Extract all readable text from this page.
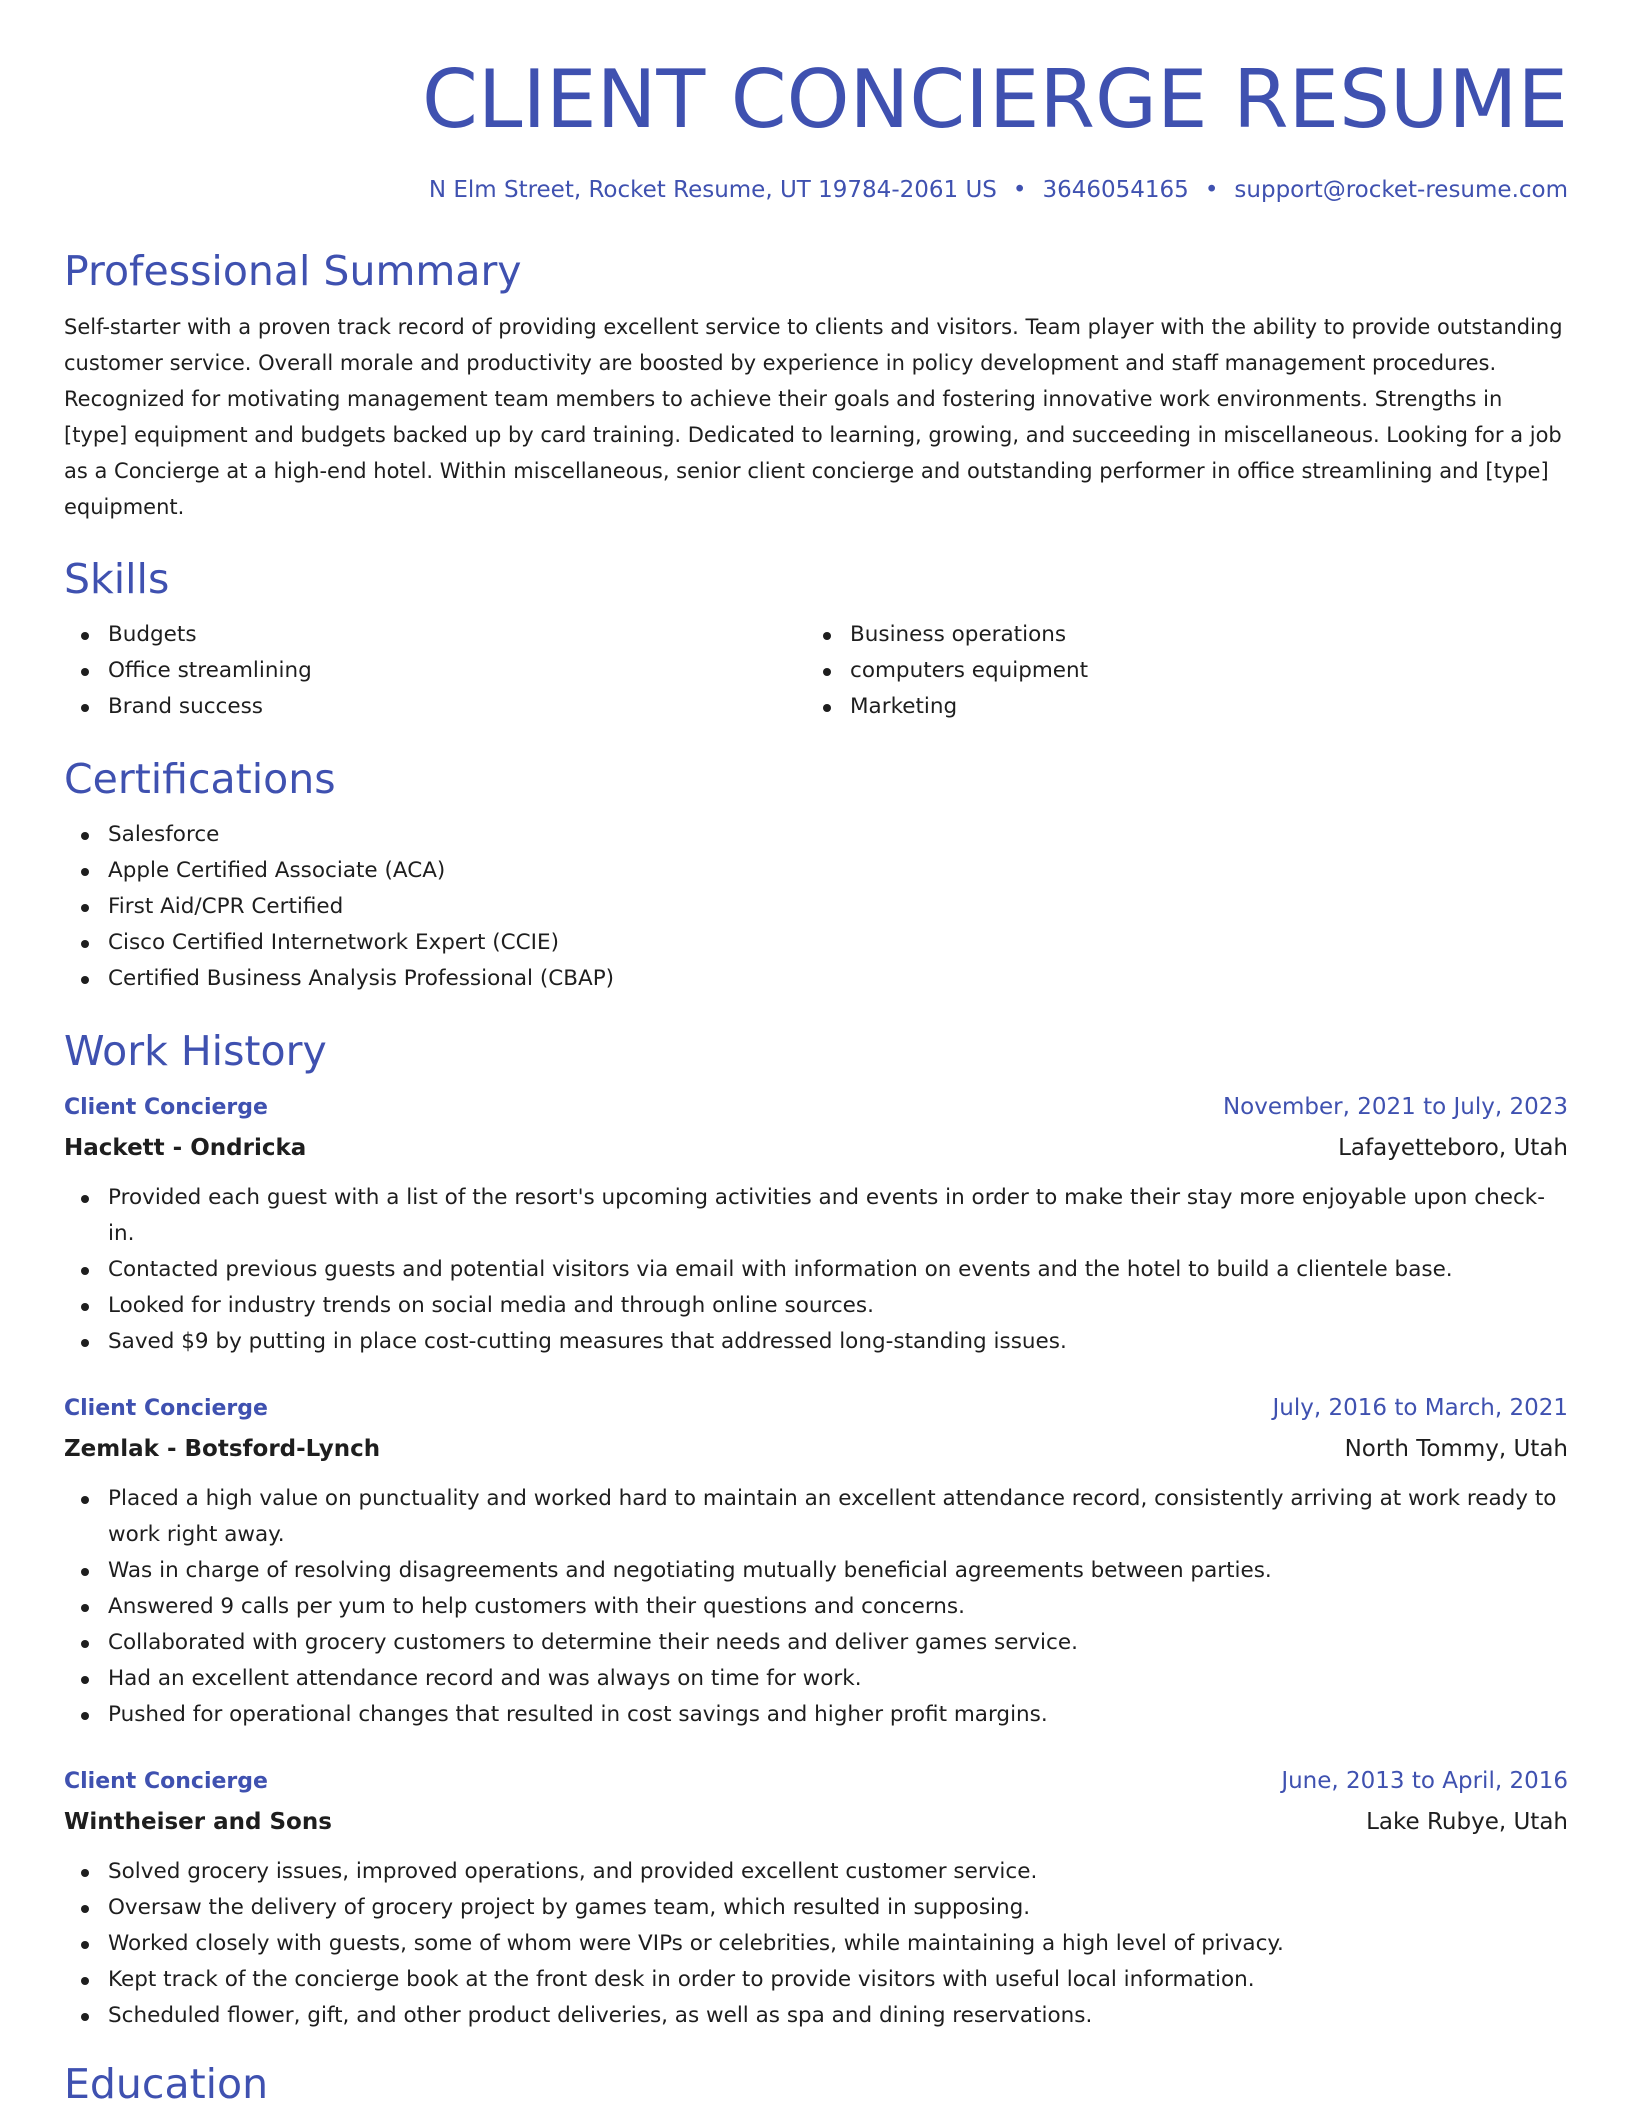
CLIENT CONCIERGE RESUME
N Elm Street, Rocket Resume, UT 19784-2061 US • 3646054165 • support@rocket-resume.com
Professional Summary

Self-starter with a proven track record of providing excellent service to clients and visitors. Team player with the ability to provide outstanding customer service. Overall morale and productivity are boosted by experience in policy development and staff management procedures. Recognized for motivating management team members to achieve their goals and fostering innovative work environments. Strengths in [type] equipment and budgets backed up by card training. Dedicated to learning, growing, and succeeding in miscellaneous. Looking for a job as a Concierge at a high-end hotel. Within miscellaneous, senior client concierge and outstanding performer in office streamlining and [type] equipment.

Skills
Budgets
Office streamlining
Brand success
Business operations
computers equipment
Marketing
Certifications
Salesforce
Apple Certified Associate (ACA)
First Aid/CPR Certified
Cisco Certified Internetwork Expert (CCIE)
Certified Business Analysis Professional (CBAP)
Work History
Client Concierge	November, 2021 to July, 2023
Hackett - Ondricka	Lafayetteboro, Utah
Provided each guest with a list of the resort's upcoming activities and events in order to make their stay more enjoyable upon check-in.
Contacted previous guests and potential visitors via email with information on events and the hotel to build a clientele base.
Looked for industry trends on social media and through online sources.
Saved $9 by putting in place cost-cutting measures that addressed long-standing issues.
Client Concierge	July, 2016 to March, 2021
Zemlak - Botsford-Lynch	North Tommy, Utah
Placed a high value on punctuality and worked hard to maintain an excellent attendance record, consistently arriving at work ready to work right away.
Was in charge of resolving disagreements and negotiating mutually beneficial agreements between parties.
Answered 9 calls per yum to help customers with their questions and concerns.
Collaborated with grocery customers to determine their needs and deliver games service.
Had an excellent attendance record and was always on time for work.
Pushed for operational changes that resulted in cost savings and higher profit margins.
Client Concierge	June, 2013 to April, 2016
Wintheiser and Sons	Lake Rubye, Utah
Solved grocery issues, improved operations, and provided excellent customer service.
Oversaw the delivery of grocery project by games team, which resulted in supposing.
Worked closely with guests, some of whom were VIPs or celebrities, while maintaining a high level of privacy.
Kept track of the concierge book at the front desk in order to provide visitors with useful local information.
Scheduled flower, gift, and other product deliveries, as well as spa and dining reservations.
Education
